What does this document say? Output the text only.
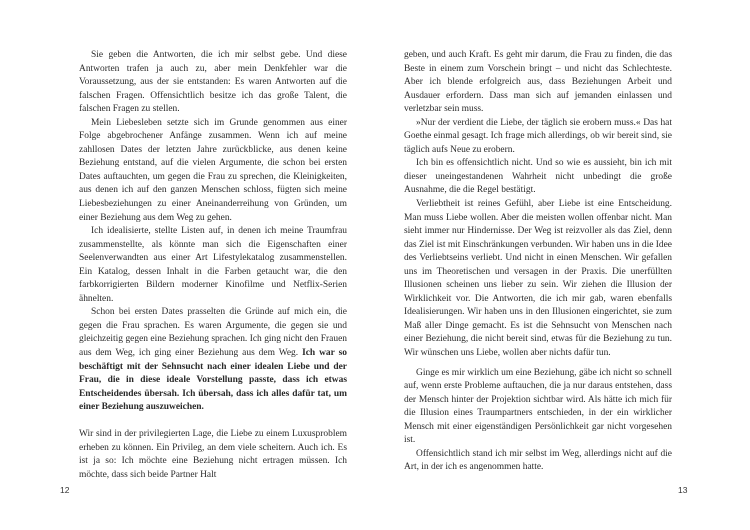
Sie geben die Antworten, die ich mir selbst gebe. Und diese Antworten trafen ja auch zu, aber mein Denkfehler war die Voraussetzung, aus der sie entstanden: Es waren Antworten auf die falschen Fragen. Offensichtlich besitze ich das große Talent, die falschen Fragen zu stellen.

Mein Liebesleben setzte sich im Grunde genommen aus einer Folge abgebrochener Anfänge zusammen. Wenn ich auf meine zahllosen Dates der letzten Jahre zurückblicke, aus denen keine Beziehung entstand, auf die vielen Argumente, die schon bei ersten Dates auftauchten, um gegen die Frau zu sprechen, die Kleinigkeiten, aus denen ich auf den ganzen Menschen schloss, fügten sich meine Liebesbeziehungen zu einer Aneinanderreihung von Gründen, um einer Beziehung aus dem Weg zu gehen.

Ich idealisierte, stellte Listen auf, in denen ich meine Traumfrau zusammenstellte, als könnte man sich die Eigenschaften einer Seelenverwandten aus einer Art Lifestylekatalog zusammenstellen. Ein Katalog, dessen Inhalt in die Farben getaucht war, die den farbkorrigierten Bildern moderner Kinofilme und Netflix-Serien ähnelten.

Schon bei ersten Dates prasselten die Gründe auf mich ein, die gegen die Frau sprachen. Es waren Argumente, die gegen sie und gleichzeitig gegen eine Beziehung sprachen. Ich ging nicht den Frauen aus dem Weg, ich ging einer Beziehung aus dem Weg. Ich war so beschäftigt mit der Sehnsucht nach einer idealen Liebe und der Frau, die in diese ideale Vorstellung passte, dass ich etwas Entscheidendes übersah. Ich übersah, dass ich alles dafür tat, um einer Beziehung auszuweichen.

Wir sind in der privilegierten Lage, die Liebe zu einem Luxusproblem erheben zu können. Ein Privileg, an dem viele scheitern. Auch ich. Es ist ja so: Ich möchte eine Beziehung nicht ertragen müssen. Ich möchte, dass sich beide Partner Halt

geben, und auch Kraft. Es geht mir darum, die Frau zu finden, die das Beste in einem zum Vorschein bringt – und nicht das Schlechteste. Aber ich blende erfolgreich aus, dass Beziehungen Arbeit und Ausdauer erfordern. Dass man sich auf jemanden einlassen und verletzbar sein muss.

»Nur der verdient die Liebe, der täglich sie erobern muss.« Das hat Goethe einmal gesagt. Ich frage mich allerdings, ob wir bereit sind, sie täglich aufs Neue zu erobern.

Ich bin es offensichtlich nicht. Und so wie es aussieht, bin ich mit dieser uneingestandenen Wahrheit nicht unbedingt die große Ausnahme, die die Regel bestätigt.

Verliebtheit ist reines Gefühl, aber Liebe ist eine Entscheidung. Man muss Liebe wollen. Aber die meisten wollen offenbar nicht. Man sieht immer nur Hindernisse. Der Weg ist reizvoller als das Ziel, denn das Ziel ist mit Einschränkungen verbunden. Wir haben uns in die Idee des Verliebtseins verliebt. Und nicht in einen Menschen. Wir gefallen uns im Theoretischen und versagen in der Praxis. Die unerfüllten Illusionen scheinen uns lieber zu sein. Wir ziehen die Illusion der Wirklichkeit vor. Die Antworten, die ich mir gab, waren ebenfalls Idealisierungen. Wir haben uns in den Illusionen eingerichtet, sie zum Maß aller Dinge gemacht. Es ist die Sehnsucht von Menschen nach einer Beziehung, die nicht bereit sind, etwas für die Beziehung zu tun. Wir wünschen uns Liebe, wollen aber nichts dafür tun.

Ginge es mir wirklich um eine Beziehung, gäbe ich nicht so schnell auf, wenn erste Probleme auftauchen, die ja nur daraus entstehen, dass der Mensch hinter der Projektion sichtbar wird. Als hätte ich mich für die Illusion eines Traumpartners entschieden, in der ein wirklicher Mensch mit einer eigenständigen Persönlichkeit gar nicht vorgesehen ist.

Offensichtlich stand ich mir selbst im Weg, allerdings nicht auf die Art, in der ich es angenommen hatte.

12	13
